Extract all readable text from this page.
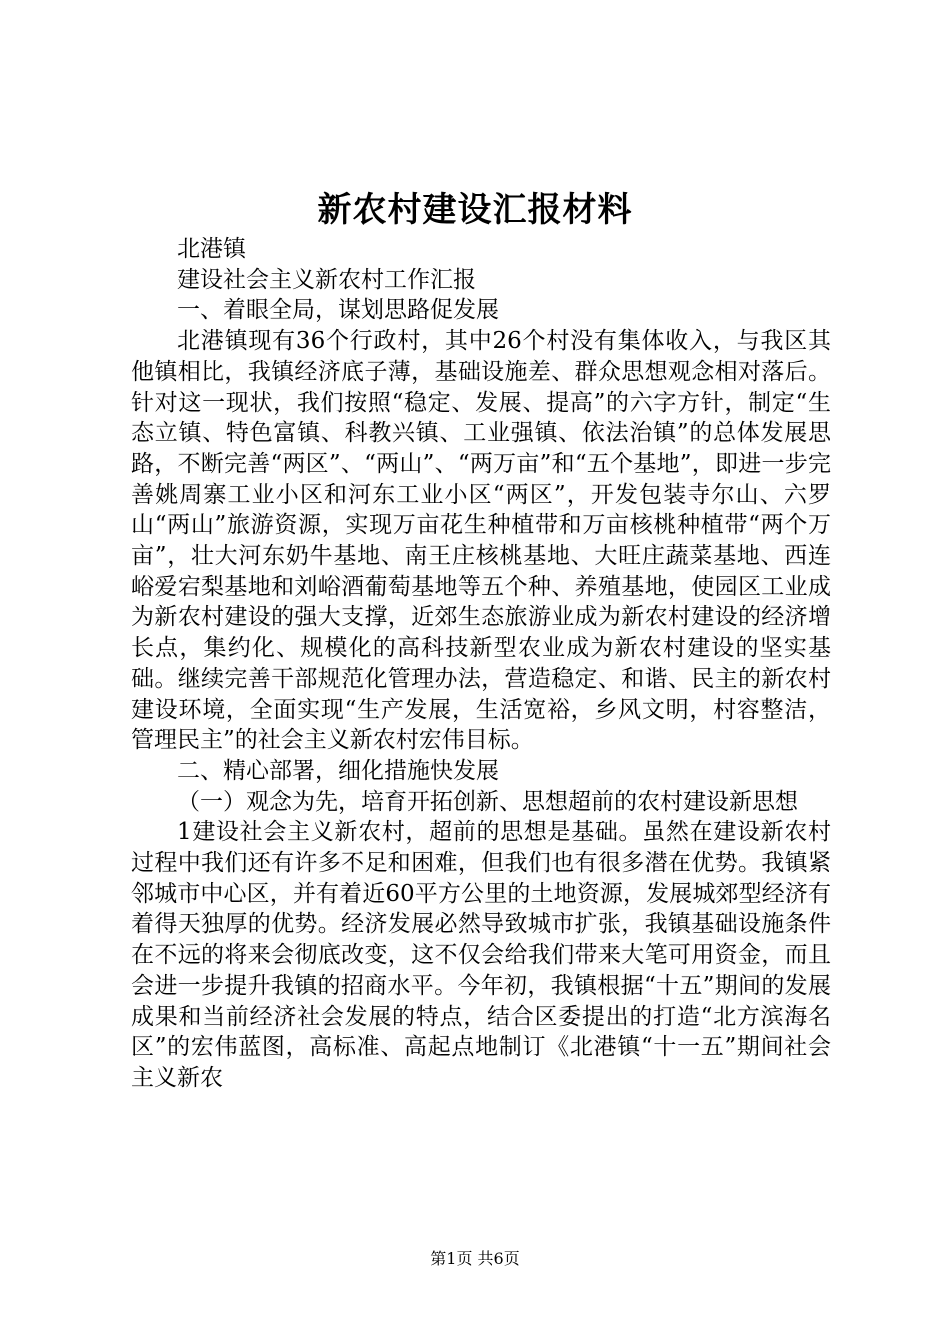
新农村建设汇报材料

北港镇

建设社会主义新农村工作汇报

一、着眼全局，谋划思路促发展

北港镇现有36个行政村，其中26个村没有集体收入，与我区其他镇相比，我镇经济底子薄，基础设施差、群众思想观念相对落后。针对这一现状，我们按照“稳定、发展、提高”的六字方针，制定“生态立镇、特色富镇、科教兴镇、工业强镇、依法治镇”的总体发展思路，不断完善“两区”、“两山”、“两万亩”和“五个基地”，即进一步完善姚周寨工业小区和河东工业小区“两区”，开发包装寺尔山、六罗山“两山”旅游资源，实现万亩花生种植带和万亩核桃种植带“两个万亩”，壮大河东奶牛基地、南王庄核桃基地、大旺庄蔬菜基地、西连峪爱宕梨基地和刘峪酒葡萄基地等五个种、养殖基地，使园区工业成为新农村建设的强大支撑，近郊生态旅游业成为新农村建设的经济增长点，集约化、规模化的高科技新型农业成为新农村建设的坚实基础。继续完善干部规范化管理办法，营造稳定、和谐、民主的新农村建设环境，全面实现“生产发展，生活宽裕，乡风文明，村容整洁，管理民主”的社会主义新农村宏伟目标。

二、精心部署，细化措施快发展

（一）观念为先，培育开拓创新、思想超前的农村建设新思想

1建设社会主义新农村，超前的思想是基础。虽然在建设新农村过程中我们还有许多不足和困难，但我们也有很多潜在优势。我镇紧邻城市中心区，并有着近60平方公里的土地资源，发展城郊型经济有着得天独厚的优势。经济发展必然导致城市扩张，我镇基础设施条件在不远的将来会彻底改变，这不仅会给我们带来大笔可用资金，而且会进一步提升我镇的招商水平。今年初，我镇根据“十五”期间的发展成果和当前经济社会发展的特点，结合区委提出的打造“北方滨海名区”的宏伟蓝图，高标准、高起点地制订《北港镇“十一五”期间社会主义新农

第1页 共6页
